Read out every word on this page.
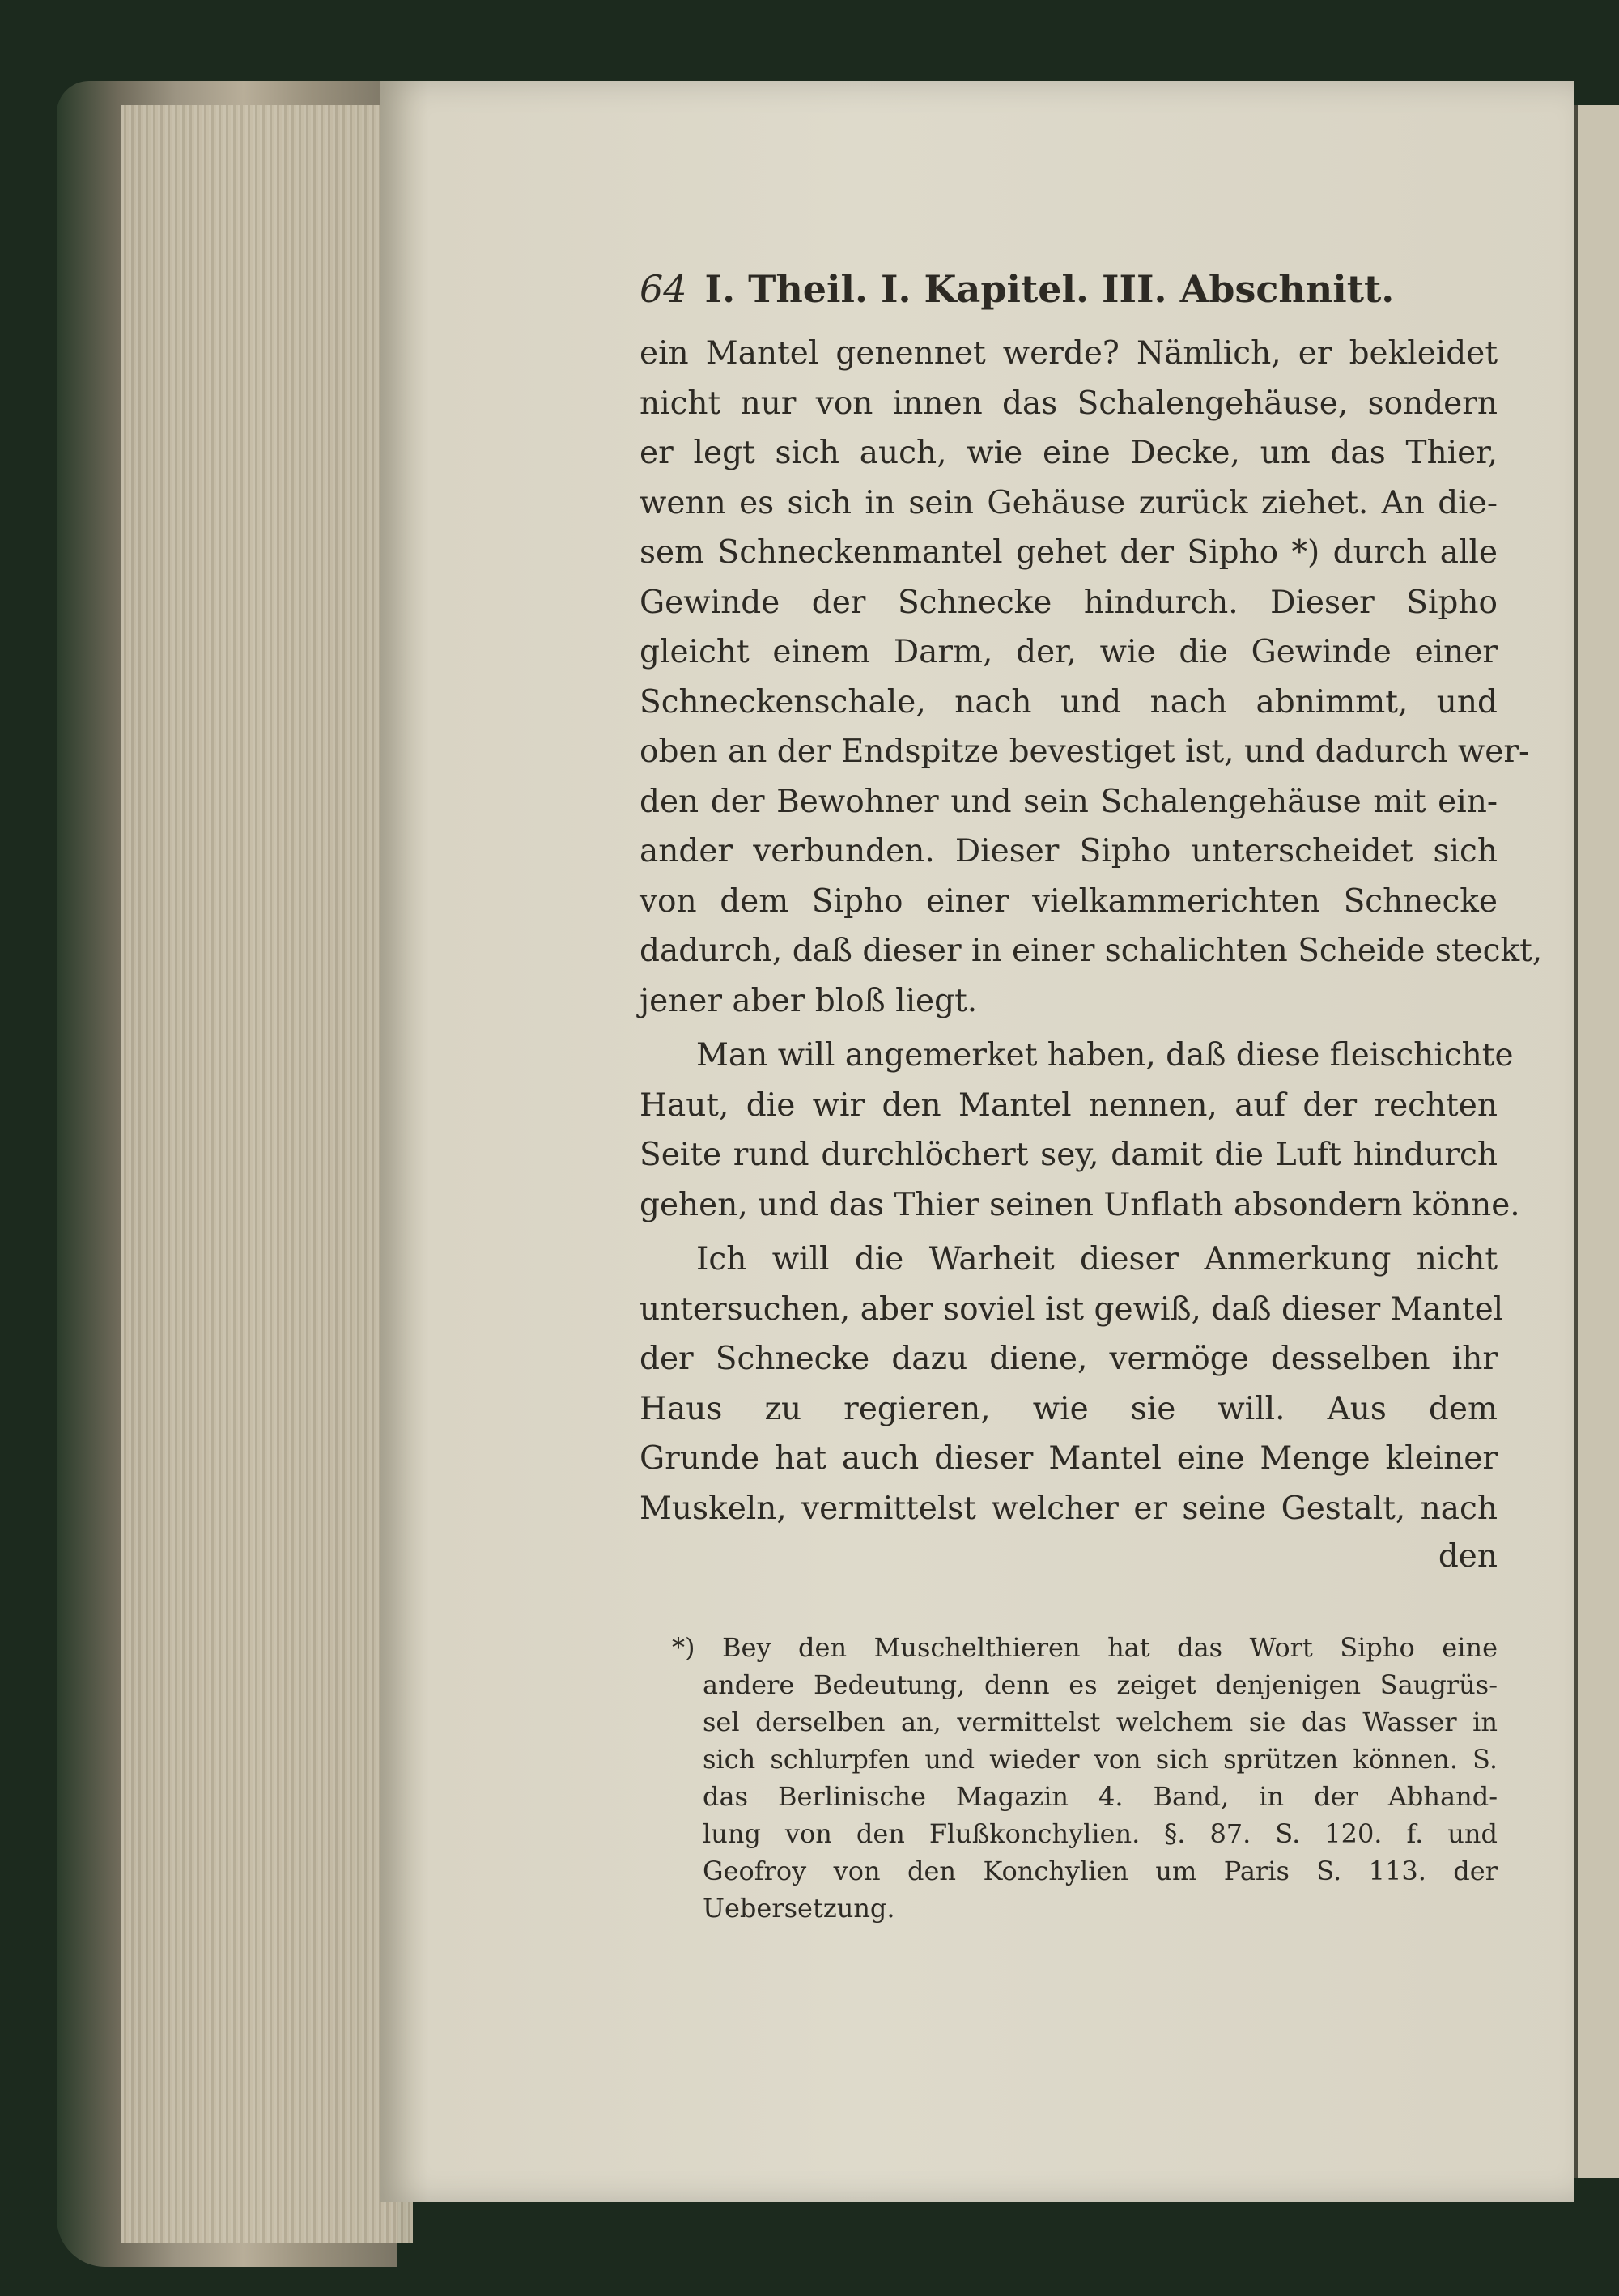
64 I. Theil. I. Kapitel. III. Abschnitt.
ein Mantel genennet werde? Nämlich, er bekleidet
nicht nur von innen das Schalengehäuse, sondern
er legt sich auch, wie eine Decke, um das Thier,
wenn es sich in sein Gehäuse zurück ziehet. An die-
sem Schneckenmantel gehet der Sipho *) durch alle
Gewinde der Schnecke hindurch. Dieser Sipho
gleicht einem Darm, der, wie die Gewinde einer
Schneckenschale, nach und nach abnimmt, und
oben an der Endspitze bevestiget ist, und dadurch wer-
den der Bewohner und sein Schalengehäuse mit ein-
ander verbunden. Dieser Sipho unterscheidet sich
von dem Sipho einer vielkammerichten Schnecke
dadurch, daß dieser in einer schalichten Scheide steckt,
jener aber bloß liegt.
Man will angemerket haben, daß diese fleischichte
Haut, die wir den Mantel nennen, auf der rechten
Seite rund durchlöchert sey, damit die Luft hindurch
gehen, und das Thier seinen Unflath absondern könne.
Ich will die Warheit dieser Anmerkung nicht
untersuchen, aber soviel ist gewiß, daß dieser Mantel
der Schnecke dazu diene, vermöge desselben ihr
Haus zu regieren, wie sie will. Aus dem
Grunde hat auch dieser Mantel eine Menge kleiner
Muskeln, vermittelst welcher er seine Gestalt, nach
den
*) Bey den Muschelthieren hat das Wort Sipho eine
andere Bedeutung, denn es zeiget denjenigen Saugrüs-
sel derselben an, vermittelst welchem sie das Wasser in
sich schlurpfen und wieder von sich sprützen können. S.
das Berlinische Magazin 4. Band, in der Abhand-
lung von den Flußkonchylien. §. 87. S. 120. f. und
Geofroy von den Konchylien um Paris S. 113. der
Uebersetzung.
